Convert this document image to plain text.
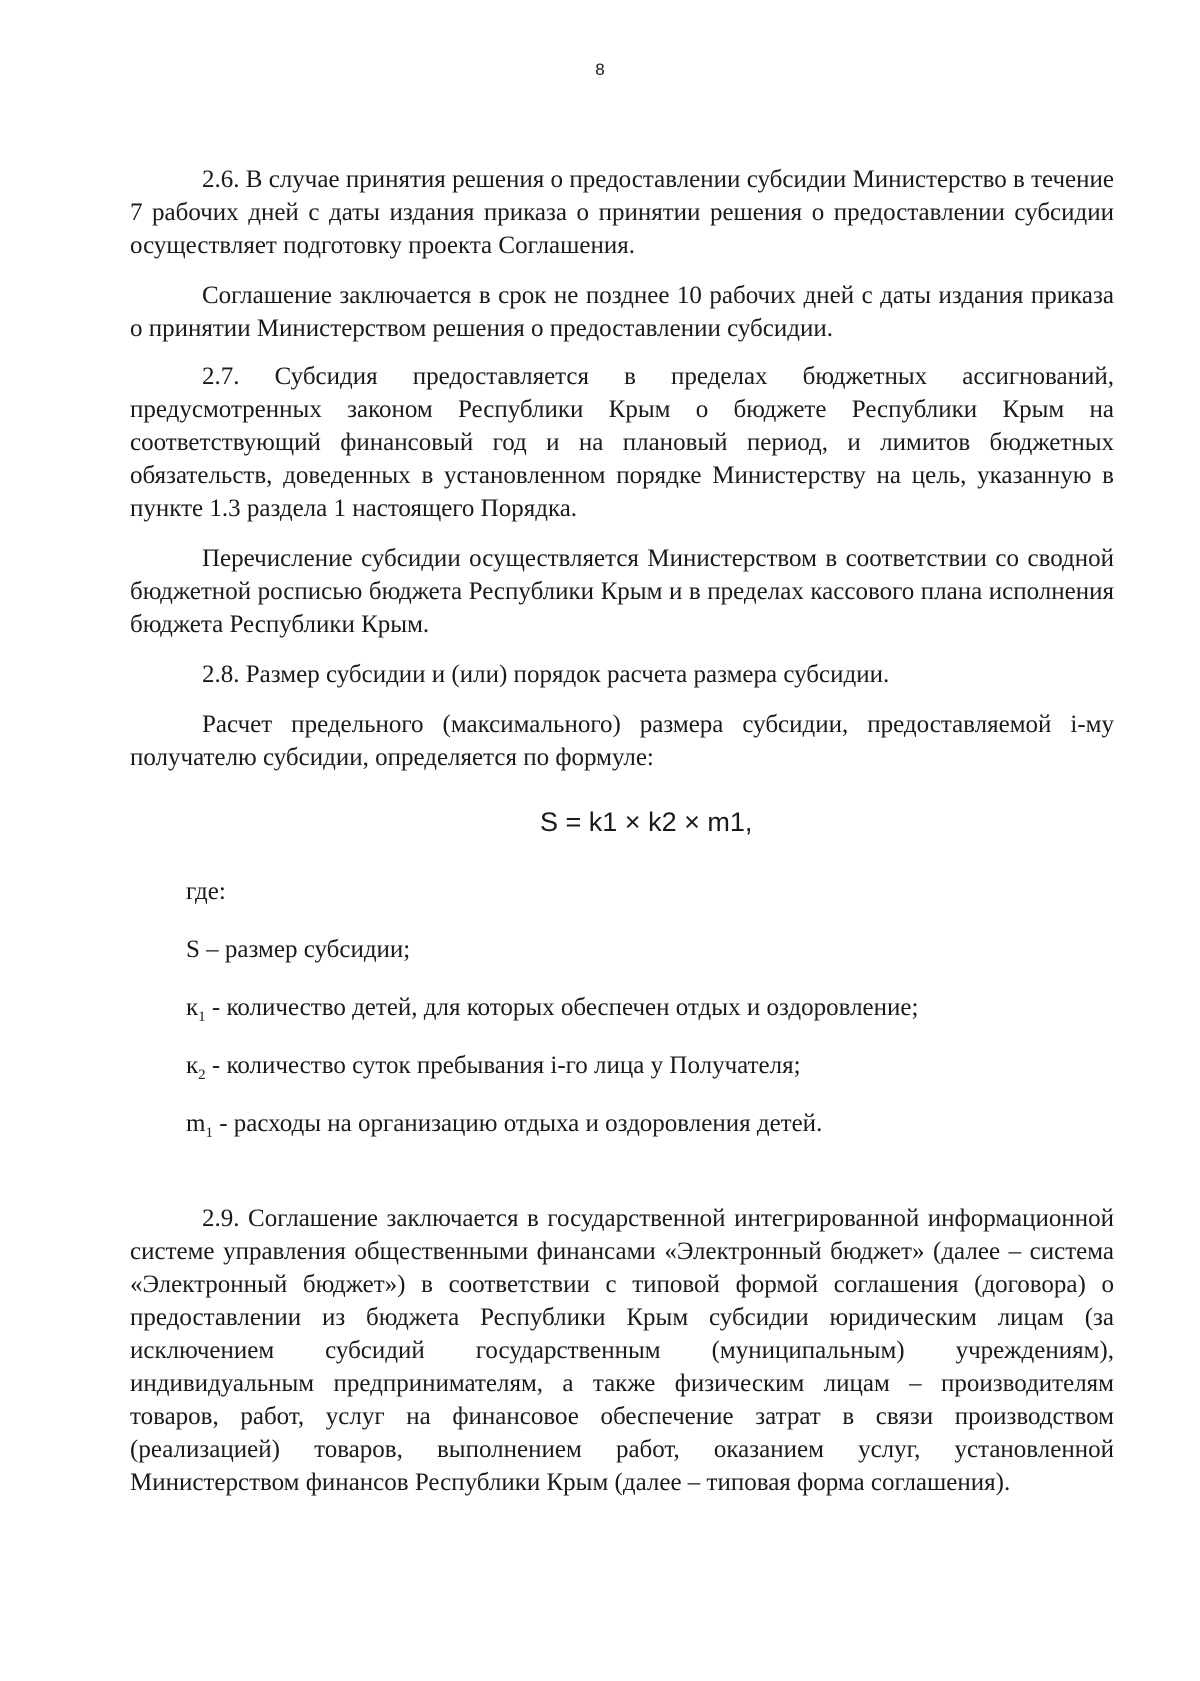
8

2.6. В случае принятия решения о предоставлении субсидии Министерство в течение 7 рабочих дней с даты издания приказа о принятии решения о предоставлении субсидии осуществляет подготовку проекта Соглашения.

Соглашение заключается в срок не позднее 10 рабочих дней с даты издания приказа о принятии Министерством решения о предоставлении субсидии.

2.7. Субсидия предоставляется в пределах бюджетных ассигнований, предусмотренных законом Республики Крым о бюджете Республики Крым на соответствующий финансовый год и на плановый период, и лимитов бюджетных обязательств, доведенных в установленном порядке Министерству на цель, указанную в пункте 1.3 раздела 1 настоящего Порядка.

Перечисление субсидии осуществляется Министерством в соответствии со сводной бюджетной росписью бюджета Республики Крым и в пределах кассового плана исполнения бюджета Республики Крым.

2.8. Размер субсидии и (или) порядок расчета размера субсидии.

Расчет предельного (максимального) размера субсидии, предоставляемой i-му получателю субсидии, определяется по формуле:

S = k1 × k2 × m1,

где:

S – размер субсидии;

$к_1$ - количество детей, для которых обеспечен отдых и оздоровление;

$к_2$ - количество суток пребывания i-го лица у Получателя;

$m_1$ - расходы на организацию отдыха и оздоровления детей.

2.9. Соглашение заключается в государственной интегрированной информационной системе управления общественными финансами «Электронный бюджет» (далее – система «Электронный бюджет») в соответствии с типовой формой соглашения (договора) о предоставлении из бюджета Республики Крым субсидии юридическим лицам (за исключением субсидий государственным (муниципальным) учреждениям), индивидуальным предпринимателям, а также физическим лицам – производителям товаров, работ, услуг на финансовое обеспечение затрат в связи производством (реализацией) товаров, выполнением работ, оказанием услуг, установленной Министерством финансов Республики Крым (далее – типовая форма соглашения).
